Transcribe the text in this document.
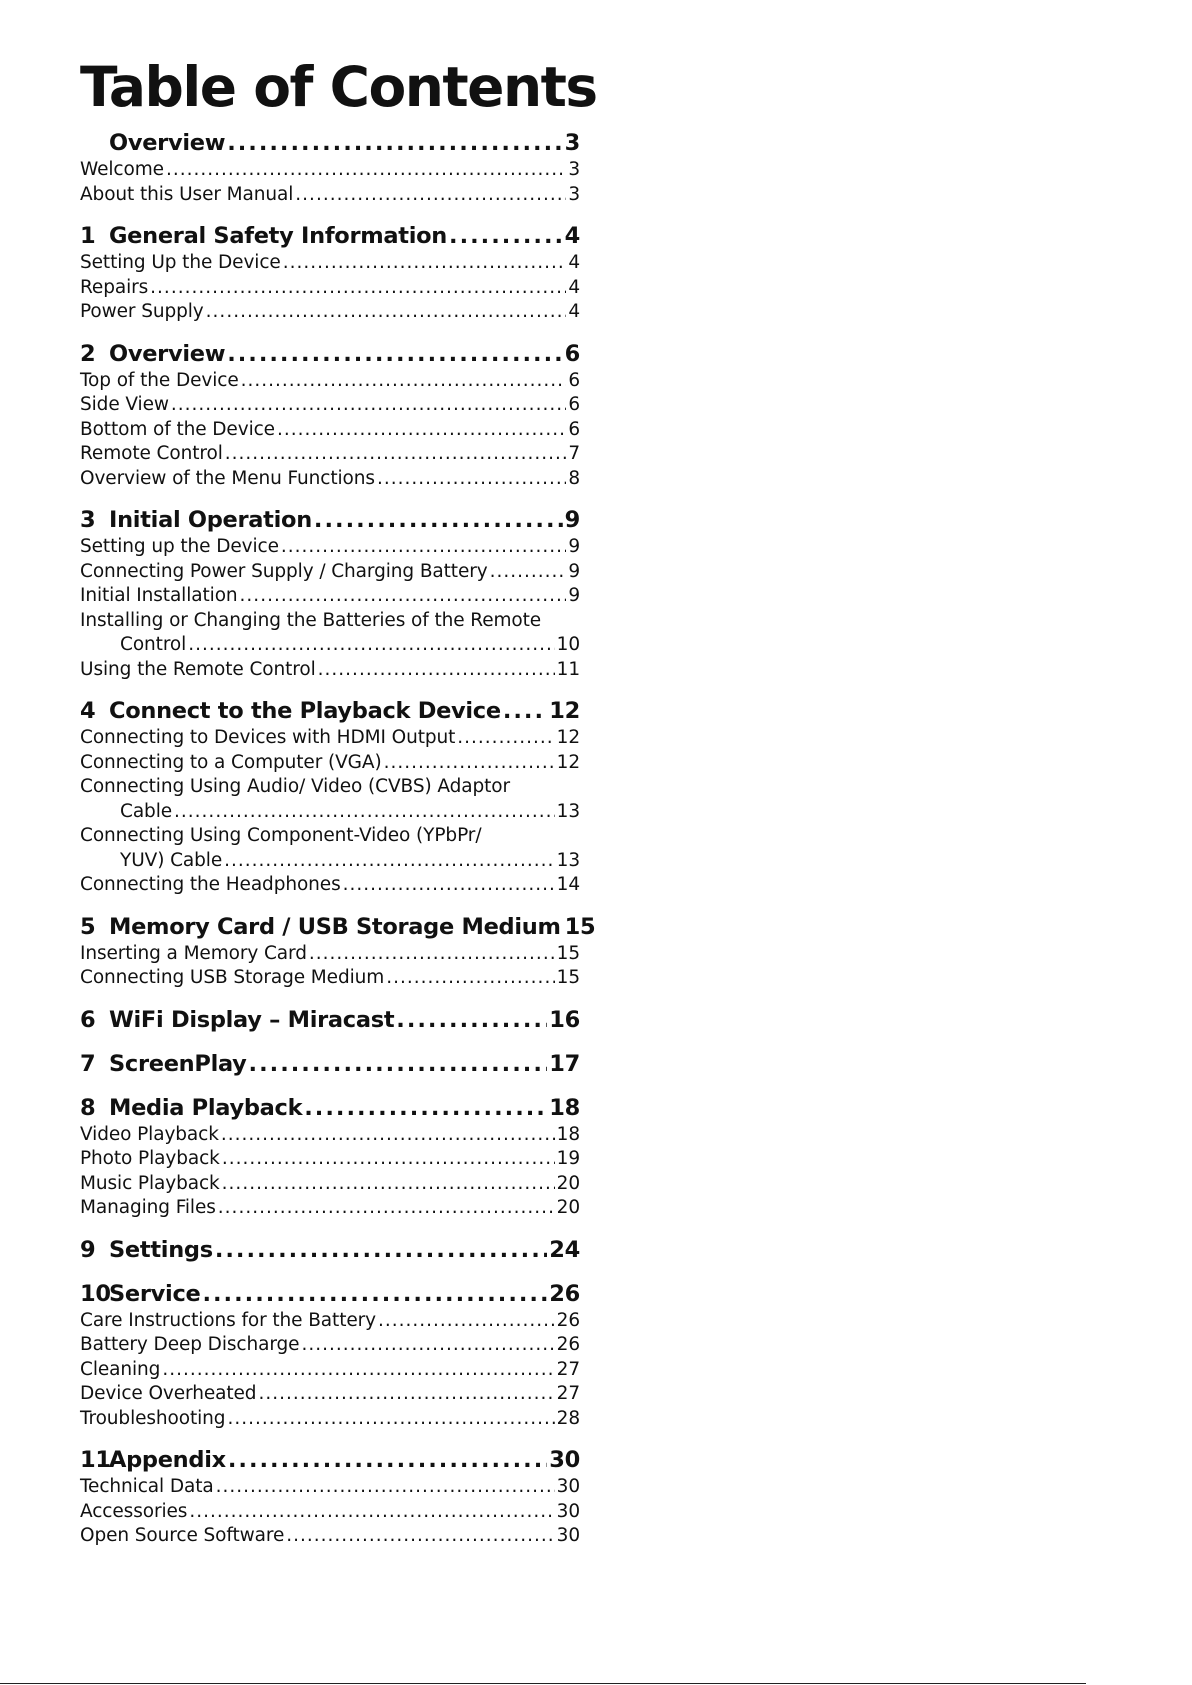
Table of Contents
Overview .....	3
Welcome .....	3
About this User Manual .....	3
1 General Safety Information .....	4
Setting Up the Device .....	4
Repairs .....	4
Power Supply .....	4
2 Overview .....	6
Top of the Device .....	6
Side View .....	6
Bottom of the Device .....	6
Remote Control .....	7
Overview of the Menu Functions .....	8
3 Initial Operation .....	9
Setting up the Device .....	9
Connecting Power Supply / Charging Battery .....	9
Initial Installation .....	9
Installing or Changing the Batteries of the Remote
Control .....	10
Using the Remote Control .....	11
4 Connect to the Playback Device ..... 12
Connecting to Devices with HDMI Output .....	12
Connecting to a Computer (VGA) .....	12
Connecting Using Audio/ Video (CVBS) Adaptor
Cable .....	13
Connecting Using Component-Video (YPbPr/
YUV) Cable .....	13
Connecting the Headphones .....	14
5 Memory Card / USB Storage Medium 15
Inserting a Memory Card .....	15
Connecting USB Storage Medium .....	15
6 WiFi Display – Miracast .....	16
7 ScreenPlay .....	17
8 Media Playback .....	18
Video Playback .....	18
Photo Playback .....	19
Music Playback .....	20
Managing Files .....	20
9 Settings .....	24
10
Service .....	26
Care Instructions for the Battery .....	26
Battery Deep Discharge .....	26
Cleaning .....	27
Device Overheated .....	27
Troubleshooting .....	28
11
Appendix .....	30
Technical Data .....	30
Accessories .....	30
Open Source Software .....	30
